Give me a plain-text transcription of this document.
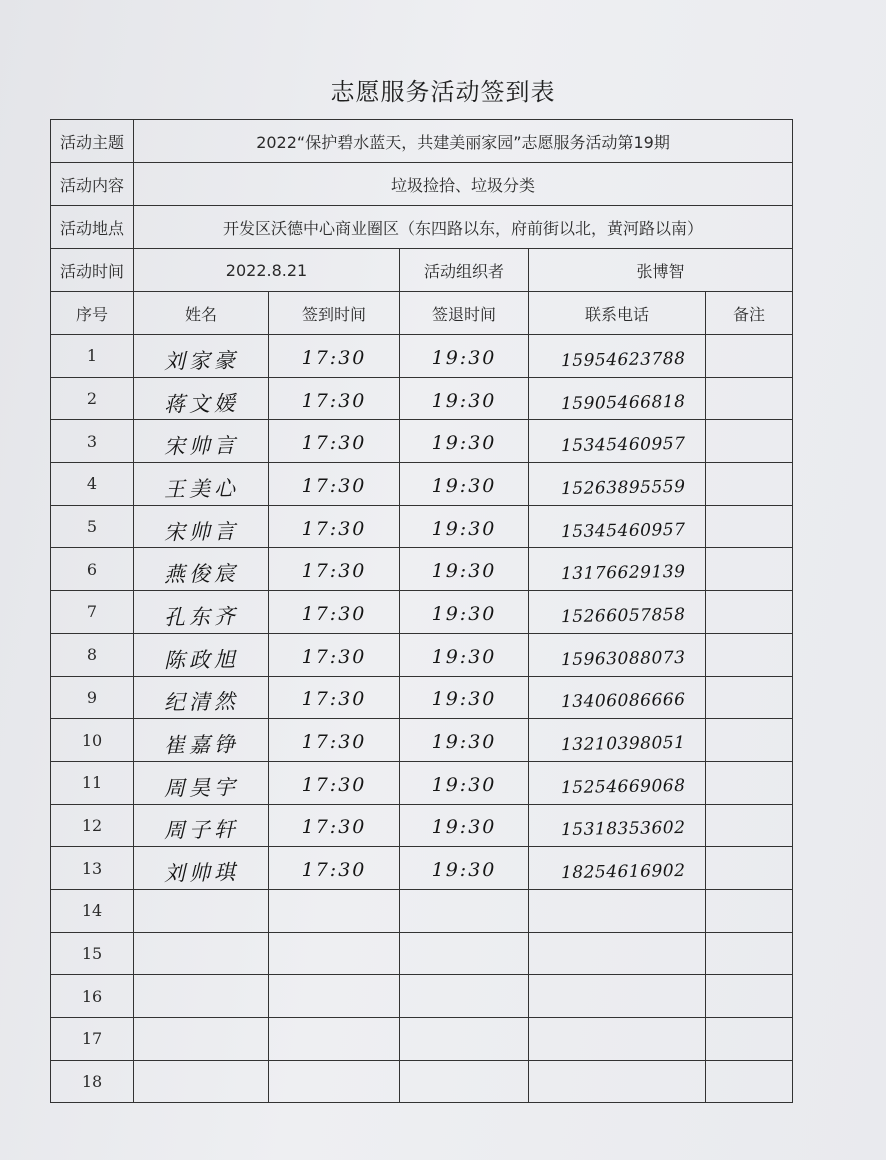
志愿服务活动签到表
活动主题	2022“保护碧水蓝天，共建美丽家园”志愿服务活动第19期				
活动内容	垃圾捡拾、垃圾分类				
活动地点	开发区沃德中心商业圈区（东四路以东，府前街以北，黄河路以南）				
活动时间	2022.8.21		活动组织者	张博智	
序号	姓名	签到时间	签退时间	联系电话	备注
1	刘家豪	17:30	19:30	15954623788	
2	蒋文媛	17:30	19:30	15905466818	
3	宋帅言	17:30	19:30	15345460957	
4	王美心	17:30	19:30	15263895559	
5	宋帅言	17:30	19:30	15345460957	
6	燕俊宸	17:30	19:30	13176629139	
7	孔东齐	17:30	19:30	15266057858	
8	陈政旭	17:30	19:30	15963088073	
9	纪清然	17:30	19:30	13406086666	
10	崔嘉铮	17:30	19:30	13210398051	
11	周昊宇	17:30	19:30	15254669068	
12	周子轩	17:30	19:30	15318353602	
13	刘帅琪	17:30	19:30	18254616902	
14					
15					
16					
17					
18					
